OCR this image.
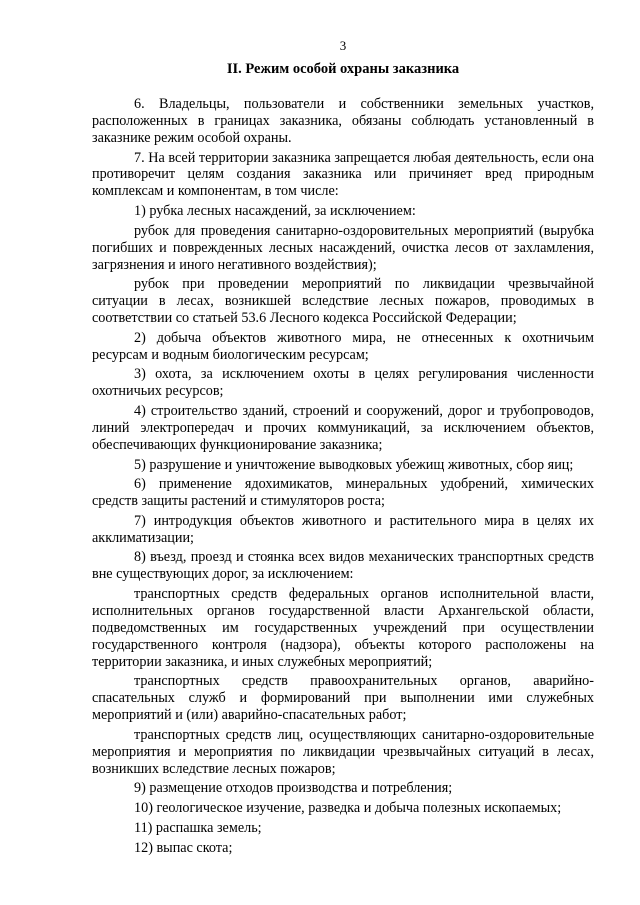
3

II. Режим особой охраны заказника

6. Владельцы, пользователи и собственники земельных участков, расположенных в границах заказника, обязаны соблюдать установленный в заказнике режим особой охраны.

7. На всей территории заказника запрещается любая деятельность, если она противоречит целям создания заказника или причиняет вред природным комплексам и компонентам, в том числе:

1) рубка лесных насаждений, за исключением:

рубок для проведения санитарно-оздоровительных мероприятий (вырубка погибших и поврежденных лесных насаждений, очистка лесов от захламления, загрязнения и иного негативного воздействия);

рубок при проведении мероприятий по ликвидации чрезвычайной ситуации в лесах, возникшей вследствие лесных пожаров, проводимых в соответствии со статьей 53.6 Лесного кодекса Российской Федерации;

2) добыча объектов животного мира, не отнесенных к охотничьим ресурсам и водным биологическим ресурсам;

3) охота, за исключением охоты в целях регулирования численности охотничьих ресурсов;

4) строительство зданий, строений и сооружений, дорог и трубопроводов, линий электропередач и прочих коммуникаций, за исключением объектов, обеспечивающих функционирование заказника;

5) разрушение и уничтожение выводковых убежищ животных, сбор яиц;

6) применение ядохимикатов, минеральных удобрений, химических средств защиты растений и стимуляторов роста;

7) интродукция объектов животного и растительного мира в целях их акклиматизации;

8) въезд, проезд и стоянка всех видов механических транспортных средств вне существующих дорог, за исключением:

транспортных средств федеральных органов исполнительной власти, исполнительных органов государственной власти Архангельской области, подведомственных им государственных учреждений при осуществлении государственного контроля (надзора), объекты которого расположены на территории заказника, и иных служебных мероприятий;

транспортных средств правоохранительных органов, аварийно-спасательных служб и формирований при выполнении ими служебных мероприятий и (или) аварийно-спасательных работ;

транспортных средств лиц, осуществляющих санитарно-оздоровительные мероприятия и мероприятия по ликвидации чрезвычайных ситуаций в лесах, возникших вследствие лесных пожаров;

9) размещение отходов производства и потребления;

10) геологическое изучение, разведка и добыча полезных ископаемых;

11) распашка земель;

12) выпас скота;
